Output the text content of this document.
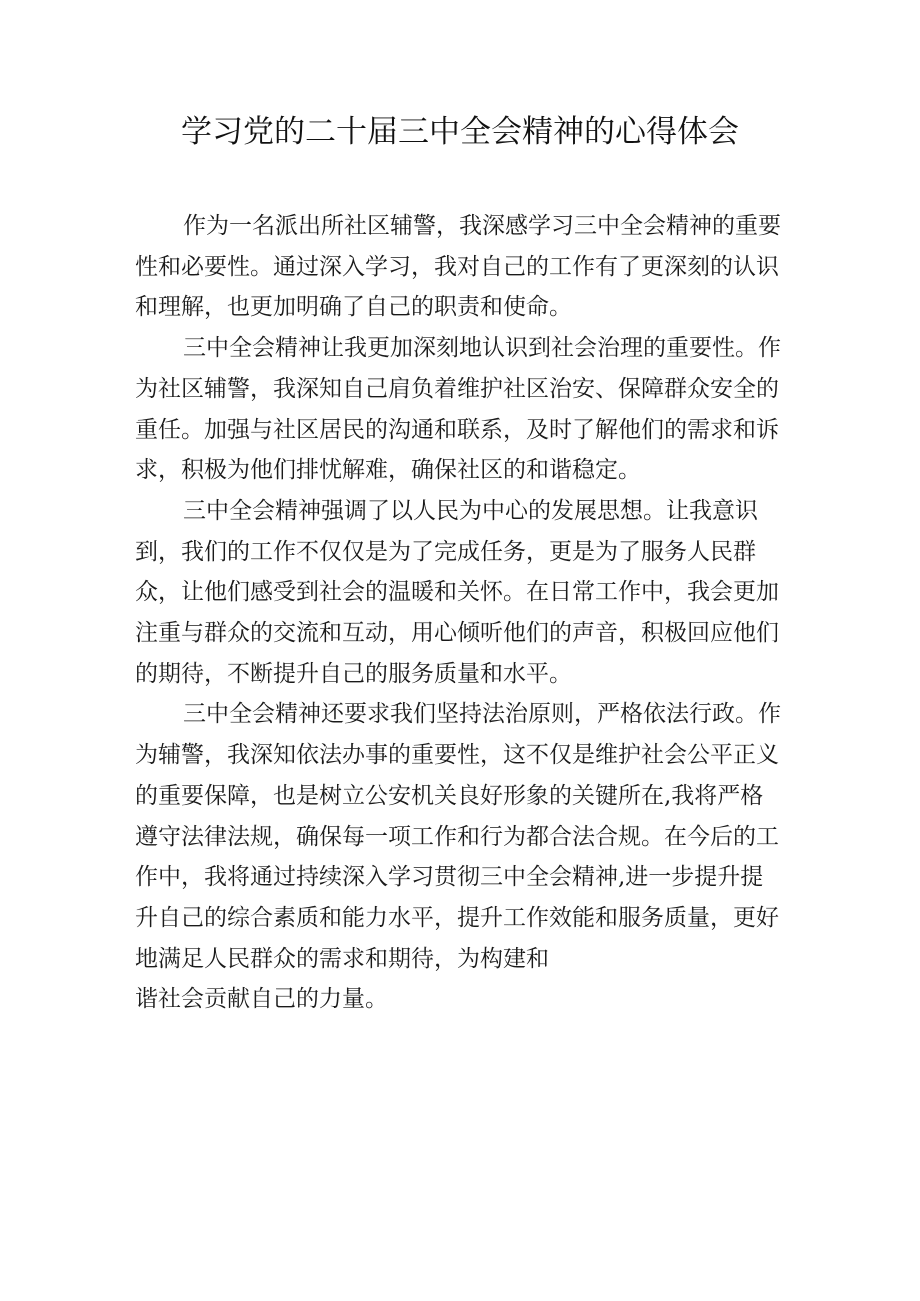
学习党的二十届三中全会精神的心得体会
作为一名派出所社区辅警，我深感学习三中全会精神的重要
性和必要性。通过深入学习，我对自己的工作有了更深刻的认识
和理解，也更加明确了自己的职责和使命。
三中全会精神让我更加深刻地认识到社会治理的重要性。作
为社区辅警，我深知自己肩负着维护社区治安、保障群众安全的
重任。加强与社区居民的沟通和联系，及时了解他们的需求和诉
求，积极为他们排忧解难，确保社区的和谐稳定。
三中全会精神强调了以人民为中心的发展思想。让我意识
到，我们的工作不仅仅是为了完成任务，更是为了服务人民群
众，让他们感受到社会的温暖和关怀。在日常工作中，我会更加
注重与群众的交流和互动，用心倾听他们的声音，积极回应他们
的期待，不断提升自己的服务质量和水平。
三中全会精神还要求我们坚持法治原则，严格依法行政。作
为辅警，我深知依法办事的重要性，这不仅是维护社会公平正义
的重要保障，也是树立公安机关良好形象的关键所在,我将严格
遵守法律法规，确保每一项工作和行为都合法合规。在今后的工
作中，我将通过持续深入学习贯彻三中全会精神,进一步提升提
升自己的综合素质和能力水平，提升工作效能和服务质量，更好
地满足人民群众的需求和期待，为构建和
谐社会贡献自己的力量。
